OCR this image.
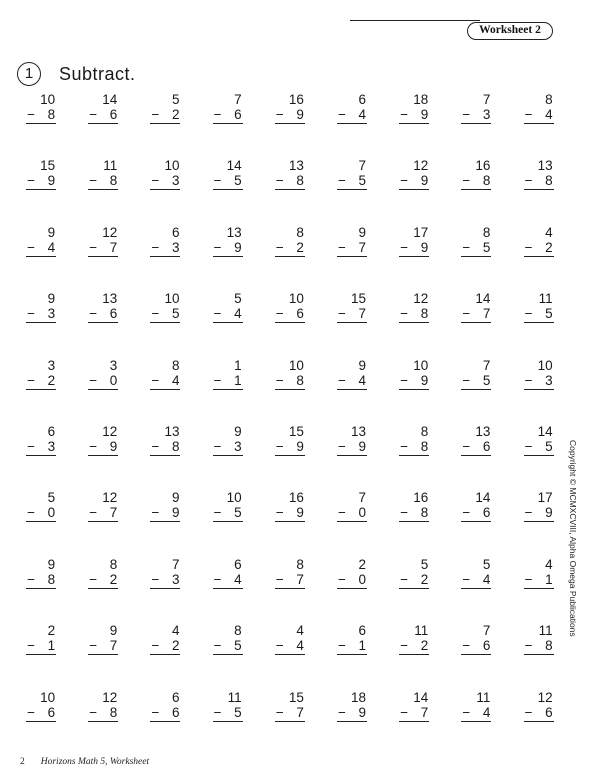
Worksheet 2
1	Subtract.
10
− 8
14
− 6
5
− 2
7
− 6
16
− 9
6
− 4
18
− 9
7
− 3
8
− 4
15
− 9
11
− 8
10
− 3
14
− 5
13
− 8
7
− 5
12
− 9
16
− 8
13
− 8
9
− 4
12
− 7
6
− 3
13
− 9
8
− 2
9
− 7
17
− 9
8
− 5
4
− 2
9
− 3
13
− 6
10
− 5
5
− 4
10
− 6
15
− 7
12
− 8
14
− 7
11
− 5
3
− 2
3
− 0
8
− 4
1
− 1
10
− 8
9
− 4
10
− 9
7
− 5
10
− 3
6
− 3
12
− 9
13
− 8
9
− 3
15
− 9
13
− 9
8
− 8
13
− 6
14
− 5
5
− 0
12
− 7
9
− 9
10
− 5
16
− 9
7
− 0
16
− 8
14
− 6
17
− 9
9
− 8
8
− 2
7
− 3
6
− 4
8
− 7
2
− 0
5
− 2
5
− 4
4
− 1
2
− 1
9
− 7
4
− 2
8
− 5
4
− 4
6
− 1
11
− 2
7
− 6
11
− 8
10
− 6
12
− 8
6
− 6
11
− 5
15
− 7
18
− 9
14
− 7
11
− 4
12
− 6
Copyright © MCMXCVIII, Alpha Omega Publications
2 Horizons Math 5, Worksheet
